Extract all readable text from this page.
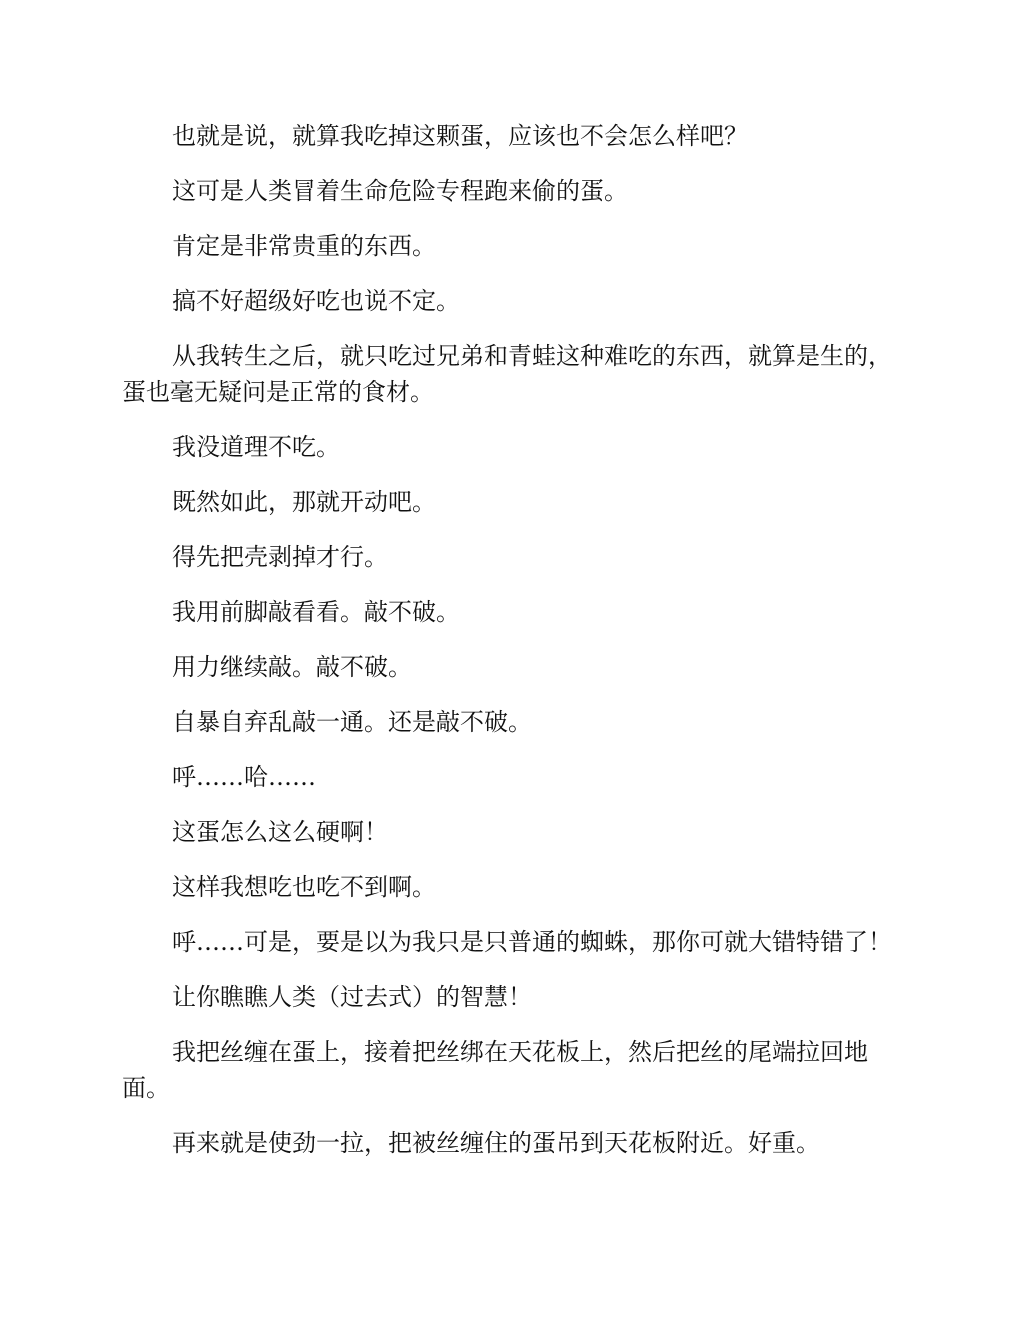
也就是说，就算我吃掉这颗蛋，应该也不会怎么样吧？

这可是人类冒着生命危险专程跑来偷的蛋。

肯定是非常贵重的东西。

搞不好超级好吃也说不定。

从我转生之后，就只吃过兄弟和青蛙这种难吃的东西，就算是生的，蛋也毫无疑问是正常的食材。

我没道理不吃。

既然如此，那就开动吧。

得先把壳剥掉才行。

我用前脚敲看看。敲不破。

用力继续敲。敲不破。

自暴自弃乱敲一通。还是敲不破。

呼……哈……

这蛋怎么这么硬啊！

这样我想吃也吃不到啊。

呼……可是，要是以为我只是只普通的蜘蛛，那你可就大错特错了！

让你瞧瞧人类（过去式）的智慧！

我把丝缠在蛋上，接着把丝绑在天花板上，然后把丝的尾端拉回地面。

再来就是使劲一拉，把被丝缠住的蛋吊到天花板附近。好重。
